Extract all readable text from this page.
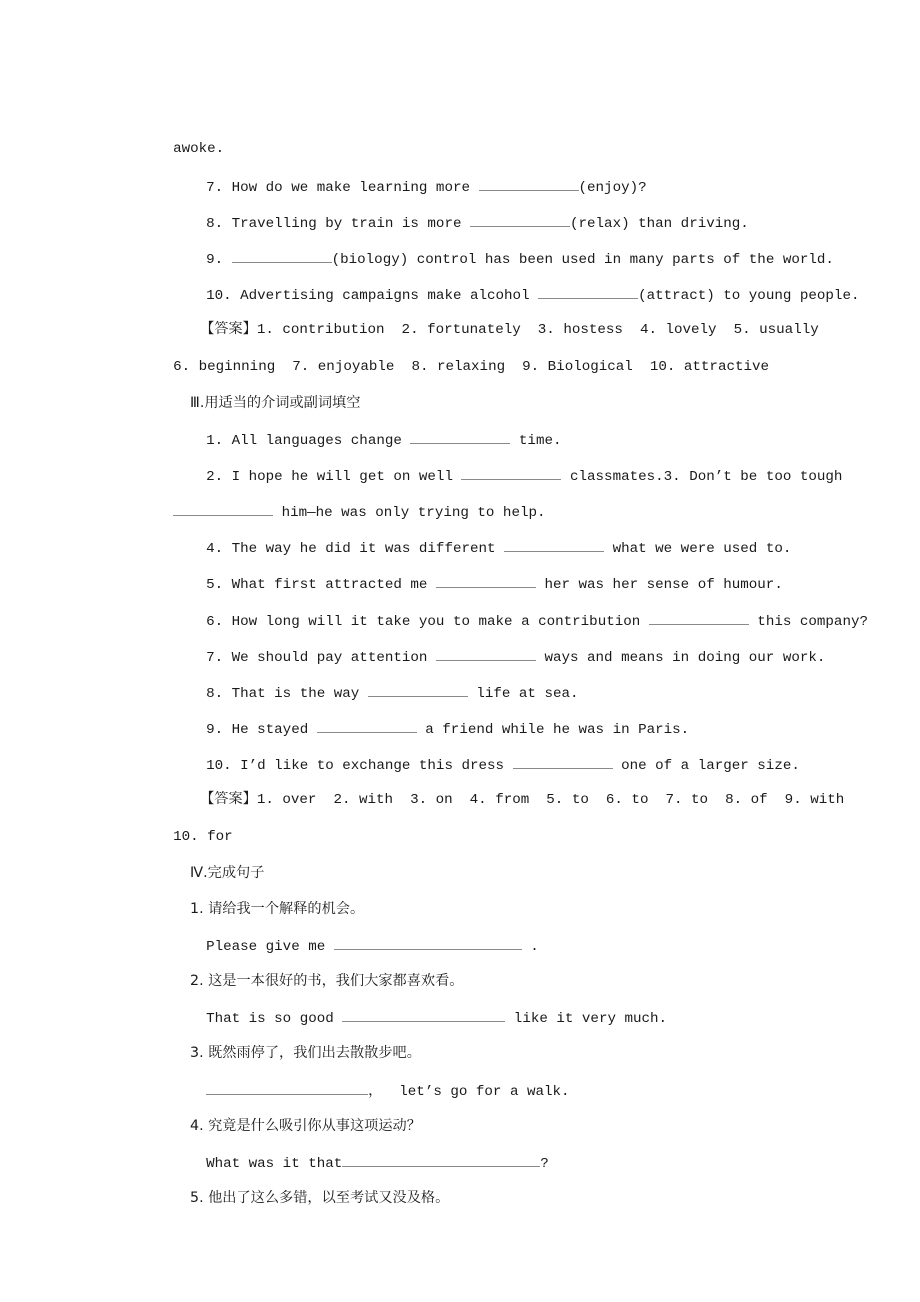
awoke.

7. How do we make learning more	(enjoy)?

8. Travelling by train is more	(relax) than driving.

9.	(biology) control has been used in many parts of the world.

10. Advertising campaigns make alcohol	(attract) to young people.

【答案】1. contribution  2. fortunately  3. hostess  4. lovely  5. usually

6. beginning  7. enjoyable  8. relaxing  9. Biological  10. attractive

Ⅲ.用适当的介词或副词填空

1. All languages change	time.

2. I hope he will get on well	classmates.3. Don’t be too tough

him—he was only trying to help.

4. The way he did it was different	what we were used to.

5. What first attracted me	her was her sense of humour.

6. How long will it take you to make a contribution	this company?

7. We should pay attention	ways and means in doing our work.

8. That is the way	life at sea.

9. He stayed	a friend while he was in Paris.

10. I’d like to exchange this dress	one of a larger size.

【答案】1. over  2. with  3. on  4. from  5. to  6. to  7. to  8. of  9. with

10. for

Ⅳ.完成句子

1. 请给我一个解释的机会。

Please give me	.

2. 这是一本很好的书，我们大家都喜欢看。

That is so good	like it very much.

3. 既然雨停了，我们出去散散步吧。

，  let’s go for a walk.

4. 究竟是什么吸引你从事这项运动？

What was it that	?

5. 他出了这么多错，以至考试又没及格。
